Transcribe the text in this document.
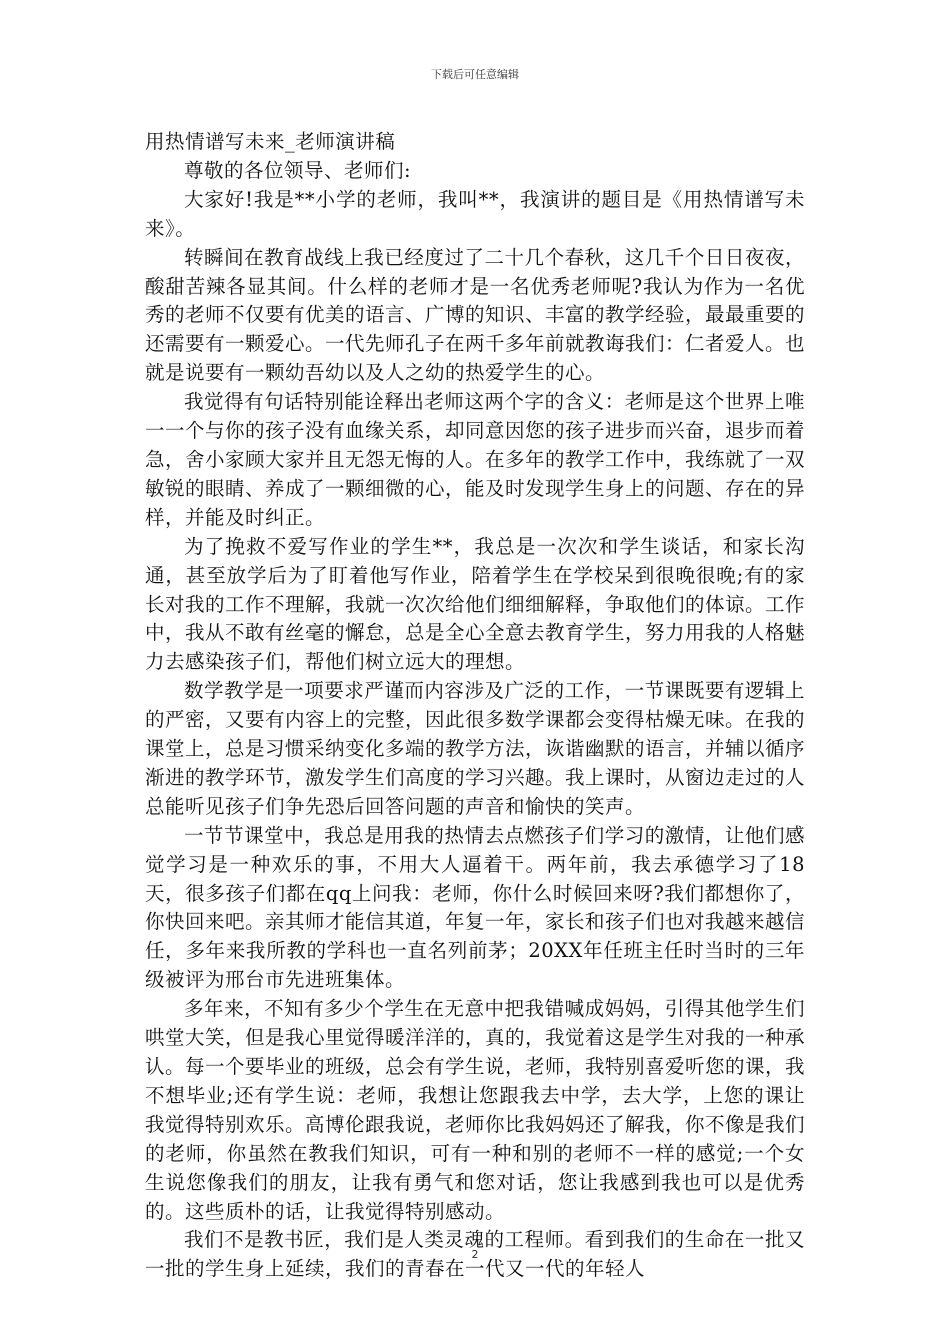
下载后可任意编辑
用热情谱写未来_老师演讲稿

尊敬的各位领导、老师们:

大家好!我是**小学的老师，我叫**，我演讲的题目是《用热情谱写未来》。

转瞬间在教育战线上我已经度过了二十几个春秋，这几千个日日夜夜，酸甜苦辣各显其间。什么样的老师才是一名优秀老师呢?我认为作为一名优秀的老师不仅要有优美的语言、广博的知识、丰富的教学经验，最最重要的还需要有一颗爱心。一代先师孔子在两千多年前就教诲我们：仁者爱人。也就是说要有一颗幼吾幼以及人之幼的热爱学生的心。

我觉得有句话特别能诠释出老师这两个字的含义：老师是这个世界上唯一一个与你的孩子没有血缘关系，却同意因您的孩子进步而兴奋，退步而着急，舍小家顾大家并且无怨无悔的人。在多年的教学工作中，我练就了一双敏锐的眼睛、养成了一颗细微的心，能及时发现学生身上的问题、存在的异样，并能及时纠正。

为了挽救不爱写作业的学生**，我总是一次次和学生谈话，和家长沟通，甚至放学后为了盯着他写作业，陪着学生在学校呆到很晚很晚;有的家长对我的工作不理解，我就一次次给他们细细解释，争取他们的体谅。工作中，我从不敢有丝毫的懈怠，总是全心全意去教育学生，努力用我的人格魅力去感染孩子们，帮他们树立远大的理想。

数学教学是一项要求严谨而内容涉及广泛的工作，一节课既要有逻辑上的严密，又要有内容上的完整，因此很多数学课都会变得枯燥无味。在我的课堂上，总是习惯采纳变化多端的教学方法，诙谐幽默的语言，并辅以循序渐进的教学环节，激发学生们高度的学习兴趣。我上课时，从窗边走过的人总能听见孩子们争先恐后回答问题的声音和愉快的笑声。

一节节课堂中，我总是用我的热情去点燃孩子们学习的激情，让他们感觉学习是一种欢乐的事，不用大人逼着干。两年前，我去承德学习了18天，很多孩子们都在qq上问我：老师，你什么时候回来呀?我们都想你了，你快回来吧。亲其师才能信其道，年复一年，家长和孩子们也对我越来越信任，多年来我所教的学科也一直名列前茅；20XX年任班主任时当时的三年级被评为邢台市先进班集体。

多年来，不知有多少个学生在无意中把我错喊成妈妈，引得其他学生们哄堂大笑，但是我心里觉得暖洋洋的，真的，我觉着这是学生对我的一种承认。每一个要毕业的班级，总会有学生说，老师，我特别喜爱听您的课，我不想毕业;还有学生说：老师，我想让您跟我去中学，去大学，上您的课让我觉得特别欢乐。高博伦跟我说，老师你比我妈妈还了解我，你不像是我们的老师，你虽然在教我们知识，可有一种和别的老师不一样的感觉;一个女生说您像我们的朋友，让我有勇气和您对话，您让我感到我也可以是优秀的。这些质朴的话，让我觉得特别感动。

我们不是教书匠，我们是人类灵魂的工程师。看到我们的生命在一批又一批的学生身上延续，我们的青春在一代又一代的年轻人

2
